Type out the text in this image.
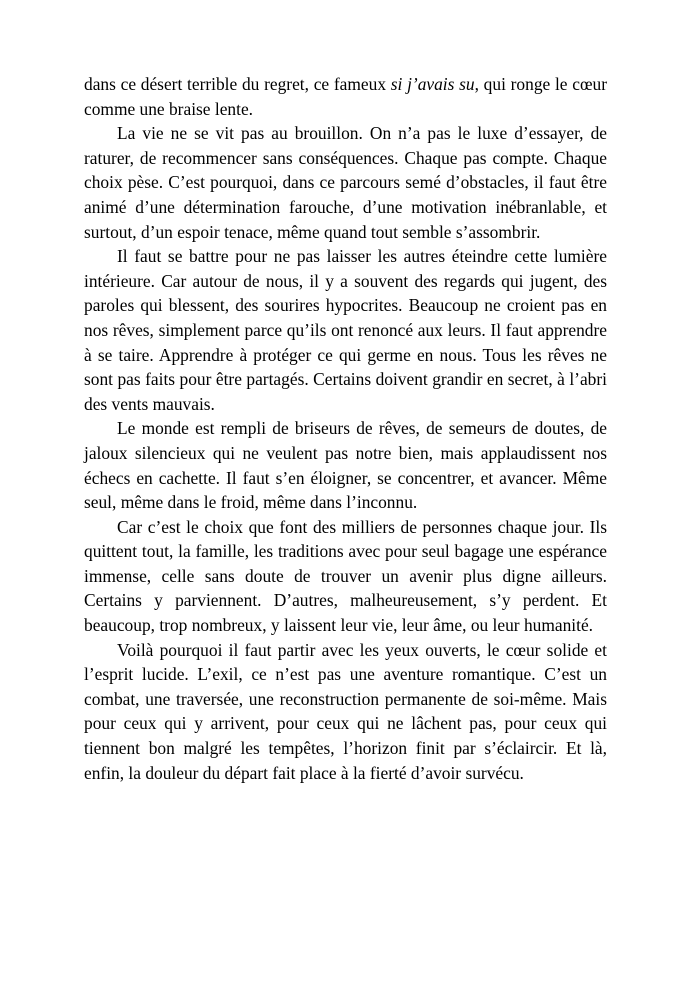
dans ce désert terrible du regret, ce fameux si j’avais su, qui ronge le cœur comme une braise lente.

La vie ne se vit pas au brouillon. On n’a pas le luxe d’essayer, de raturer, de recommencer sans conséquences. Chaque pas compte. Chaque choix pèse. C’est pourquoi, dans ce parcours semé d’obstacles, il faut être animé d’une détermination farouche, d’une motivation inébranlable, et surtout, d’un espoir tenace, même quand tout semble s’assombrir.

Il faut se battre pour ne pas laisser les autres éteindre cette lumière intérieure. Car autour de nous, il y a souvent des regards qui jugent, des paroles qui blessent, des sourires hypocrites. Beaucoup ne croient pas en nos rêves, simplement parce qu’ils ont renoncé aux leurs. Il faut apprendre à se taire. Apprendre à protéger ce qui germe en nous. Tous les rêves ne sont pas faits pour être partagés. Certains doivent grandir en secret, à l’abri des vents mauvais.

Le monde est rempli de briseurs de rêves, de semeurs de doutes, de jaloux silencieux qui ne veulent pas notre bien, mais applaudissent nos échecs en cachette. Il faut s’en éloigner, se concentrer, et avancer. Même seul, même dans le froid, même dans l’inconnu.

Car c’est le choix que font des milliers de personnes chaque jour. Ils quittent tout, la famille, les traditions avec pour seul bagage une espérance immense, celle sans doute de trouver un avenir plus digne ailleurs. Certains y parviennent. D’autres, malheureusement, s’y perdent. Et beaucoup, trop nombreux, y laissent leur vie, leur âme, ou leur humanité.

Voilà pourquoi il faut partir avec les yeux ouverts, le cœur solide et l’esprit lucide. L’exil, ce n’est pas une aventure romantique. C’est un combat, une traversée, une reconstruction permanente de soi-même. Mais pour ceux qui y arrivent, pour ceux qui ne lâchent pas, pour ceux qui tiennent bon malgré les tempêtes, l’horizon finit par s’éclaircir. Et là, enfin, la douleur du départ fait place à la fierté d’avoir survécu.
